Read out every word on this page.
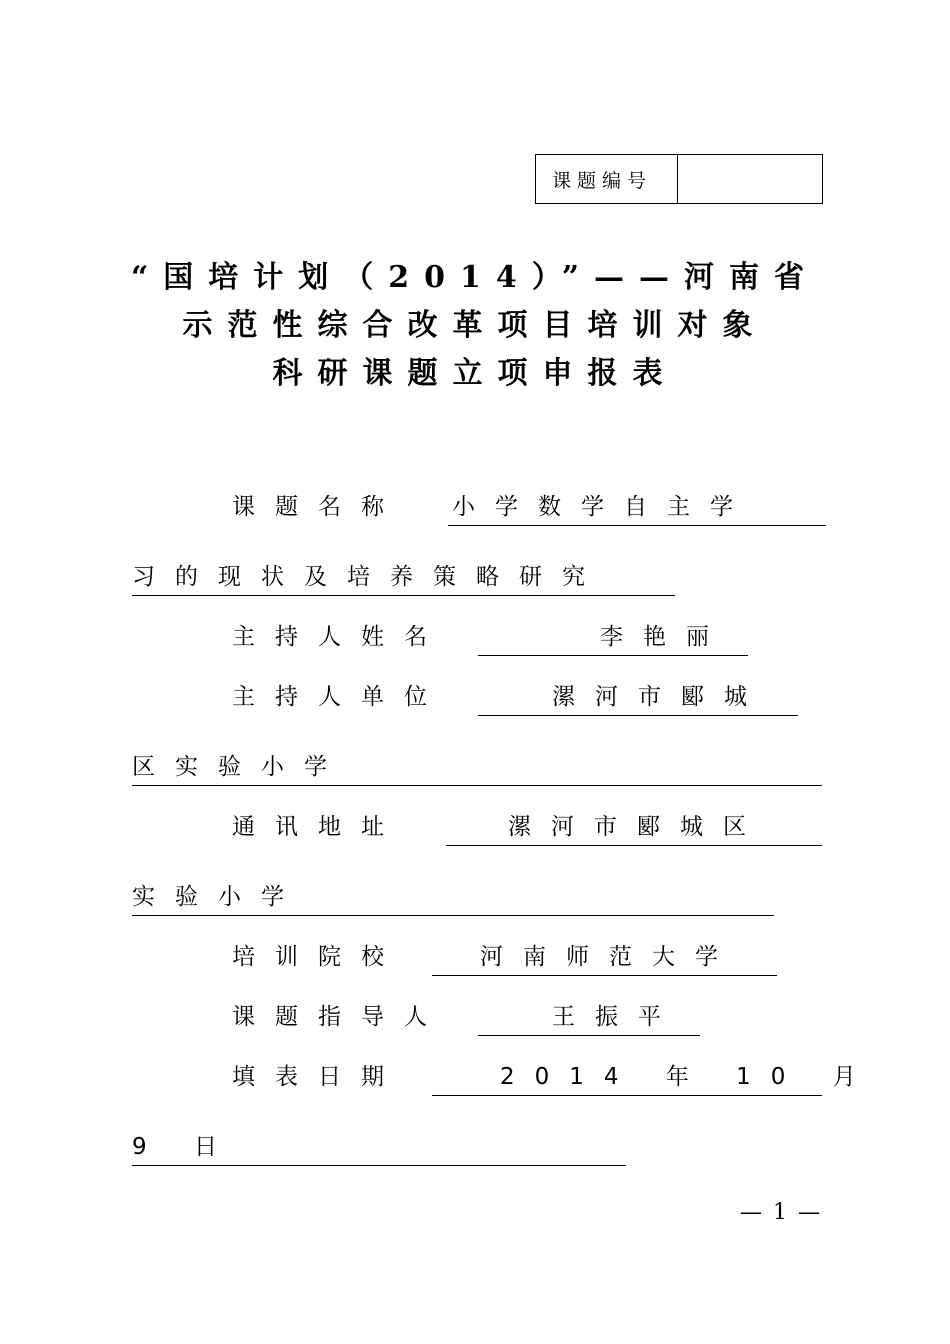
课题编号
“国培计划（2014）”——河南省
示范性综合改革项目培训对象
科研课题立项申报表
课题名称 小学数学自主学
习的现状及培养策略研究
主持人姓名	李艳丽
主持人单位	漯河市郾城
区实验小学
通讯地址	漯河市郾城区
实验小学
培训院校	河南师范大学
课题指导人	王振平
填表日期	2014 年 10 月
9 日
— 1 —
